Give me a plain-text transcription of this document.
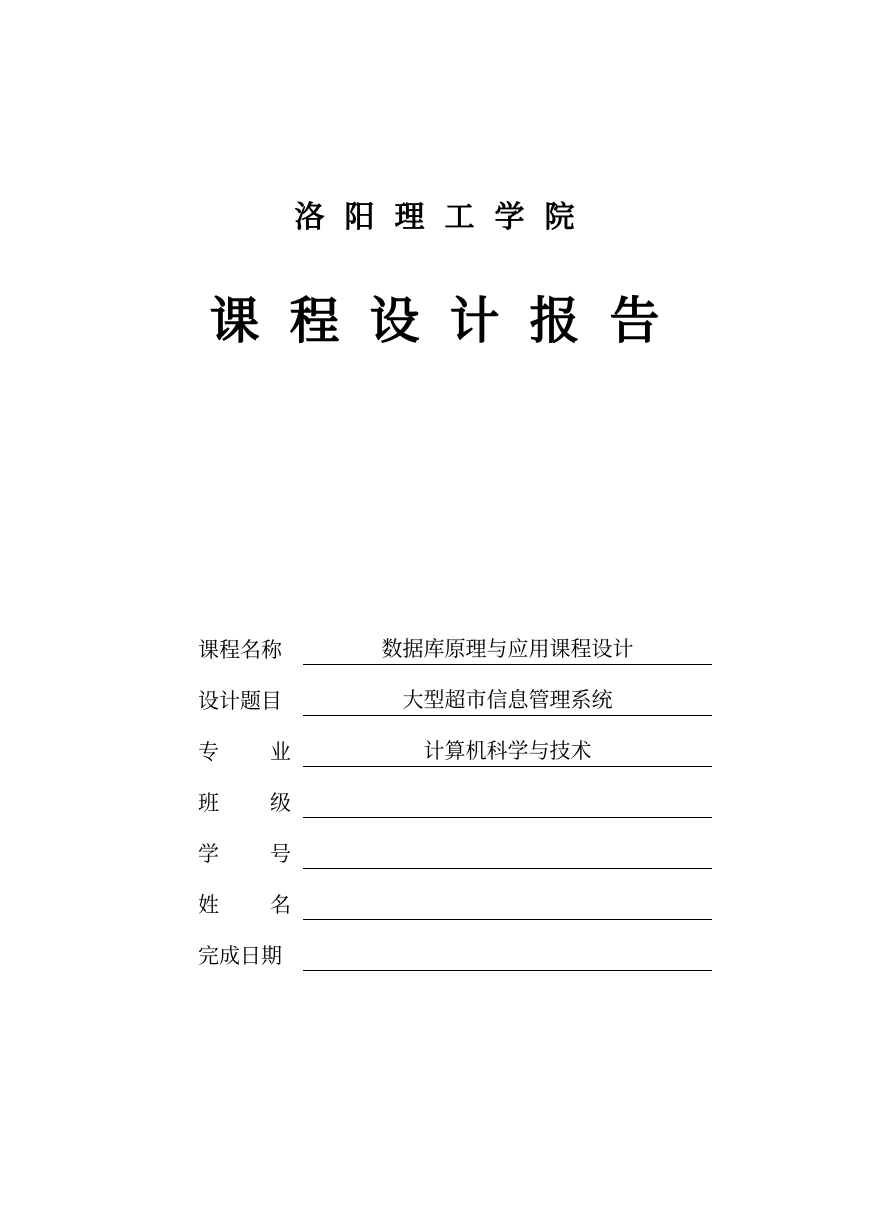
洛阳理工学院
课程设计报告
课程名称	数据库原理与应用课程设计
设计题目	大型超市信息管理系统
专 业	计算机科学与技术
班 级
学 号
姓 名
完成日期
